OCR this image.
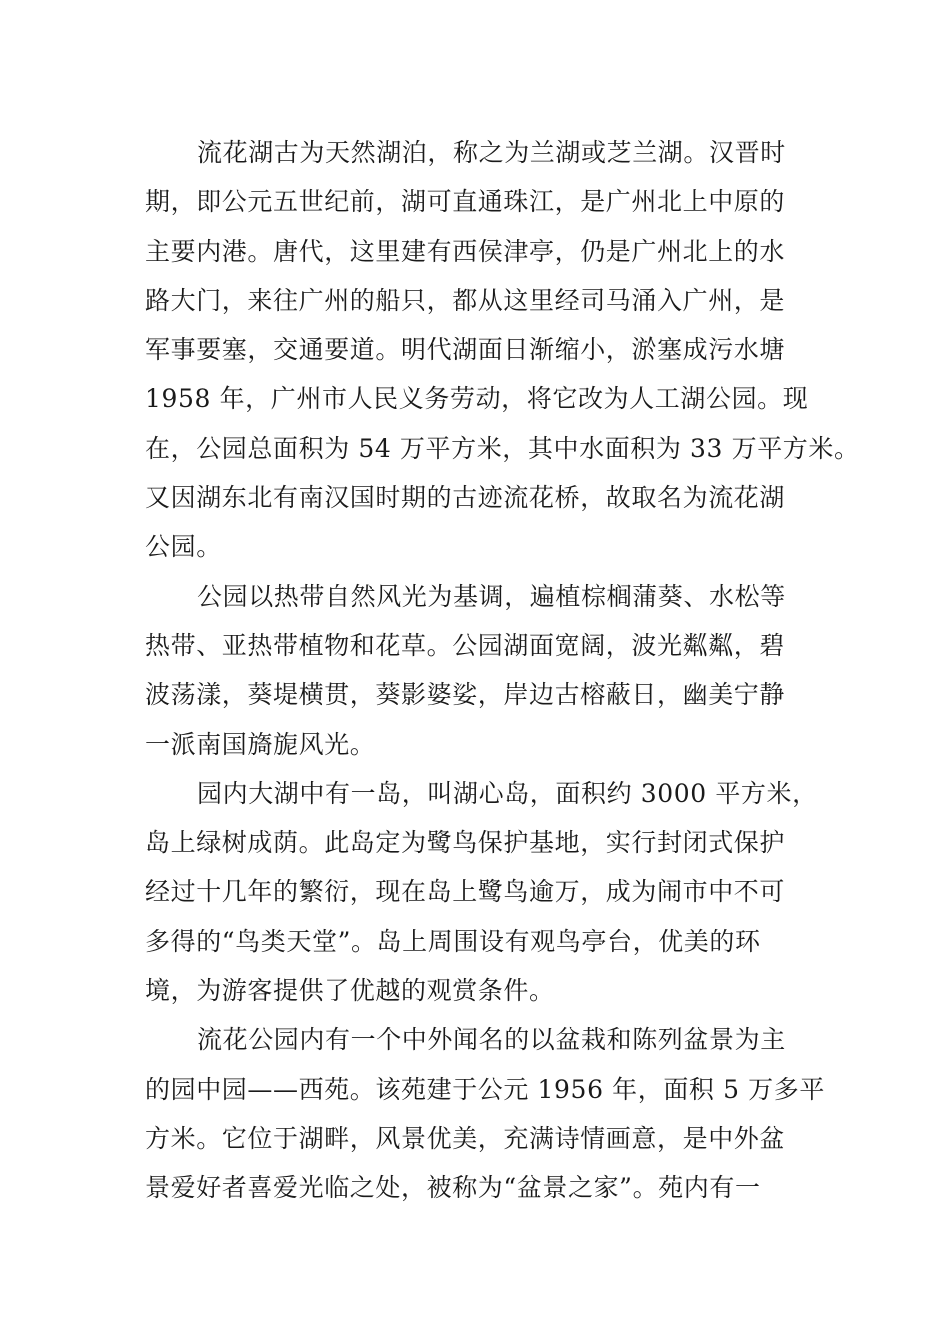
流花湖古为天然湖泊，称之为兰湖或芝兰湖。汉晋时
期，即公元五世纪前，湖可直通珠江，是广州北上中原的
主要内港。唐代，这里建有西侯津亭，仍是广州北上的水
路大门，来往广州的船只，都从这里经司马涌入广州，是
军事要塞，交通要道。明代湖面日渐缩小，淤塞成污水塘
1958 年，广州市人民义务劳动，将它改为人工湖公园。现
在，公园总面积为 54 万平方米，其中水面积为 33 万平方米。
又因湖东北有南汉国时期的古迹流花桥，故取名为流花湖
公园。
公园以热带自然风光为基调，遍植棕榈蒲葵、水松等
热带、亚热带植物和花草。公园湖面宽阔，波光粼粼，碧
波荡漾，葵堤横贯，葵影婆娑，岸边古榕蔽日，幽美宁静
一派南国旖旎风光。
园内大湖中有一岛，叫湖心岛，面积约 3000 平方米，
岛上绿树成荫。此岛定为鹭鸟保护基地，实行封闭式保护
经过十几年的繁衍，现在岛上鹭鸟逾万，成为闹市中不可
多得的“鸟类天堂”。岛上周围设有观鸟亭台，优美的环
境，为游客提供了优越的观赏条件。
流花公园内有一个中外闻名的以盆栽和陈列盆景为主
的园中园——西苑。该苑建于公元 1956 年，面积 5 万多平
方米。它位于湖畔，风景优美，充满诗情画意，是中外盆
景爱好者喜爱光临之处，被称为“盆景之家”。苑内有一
